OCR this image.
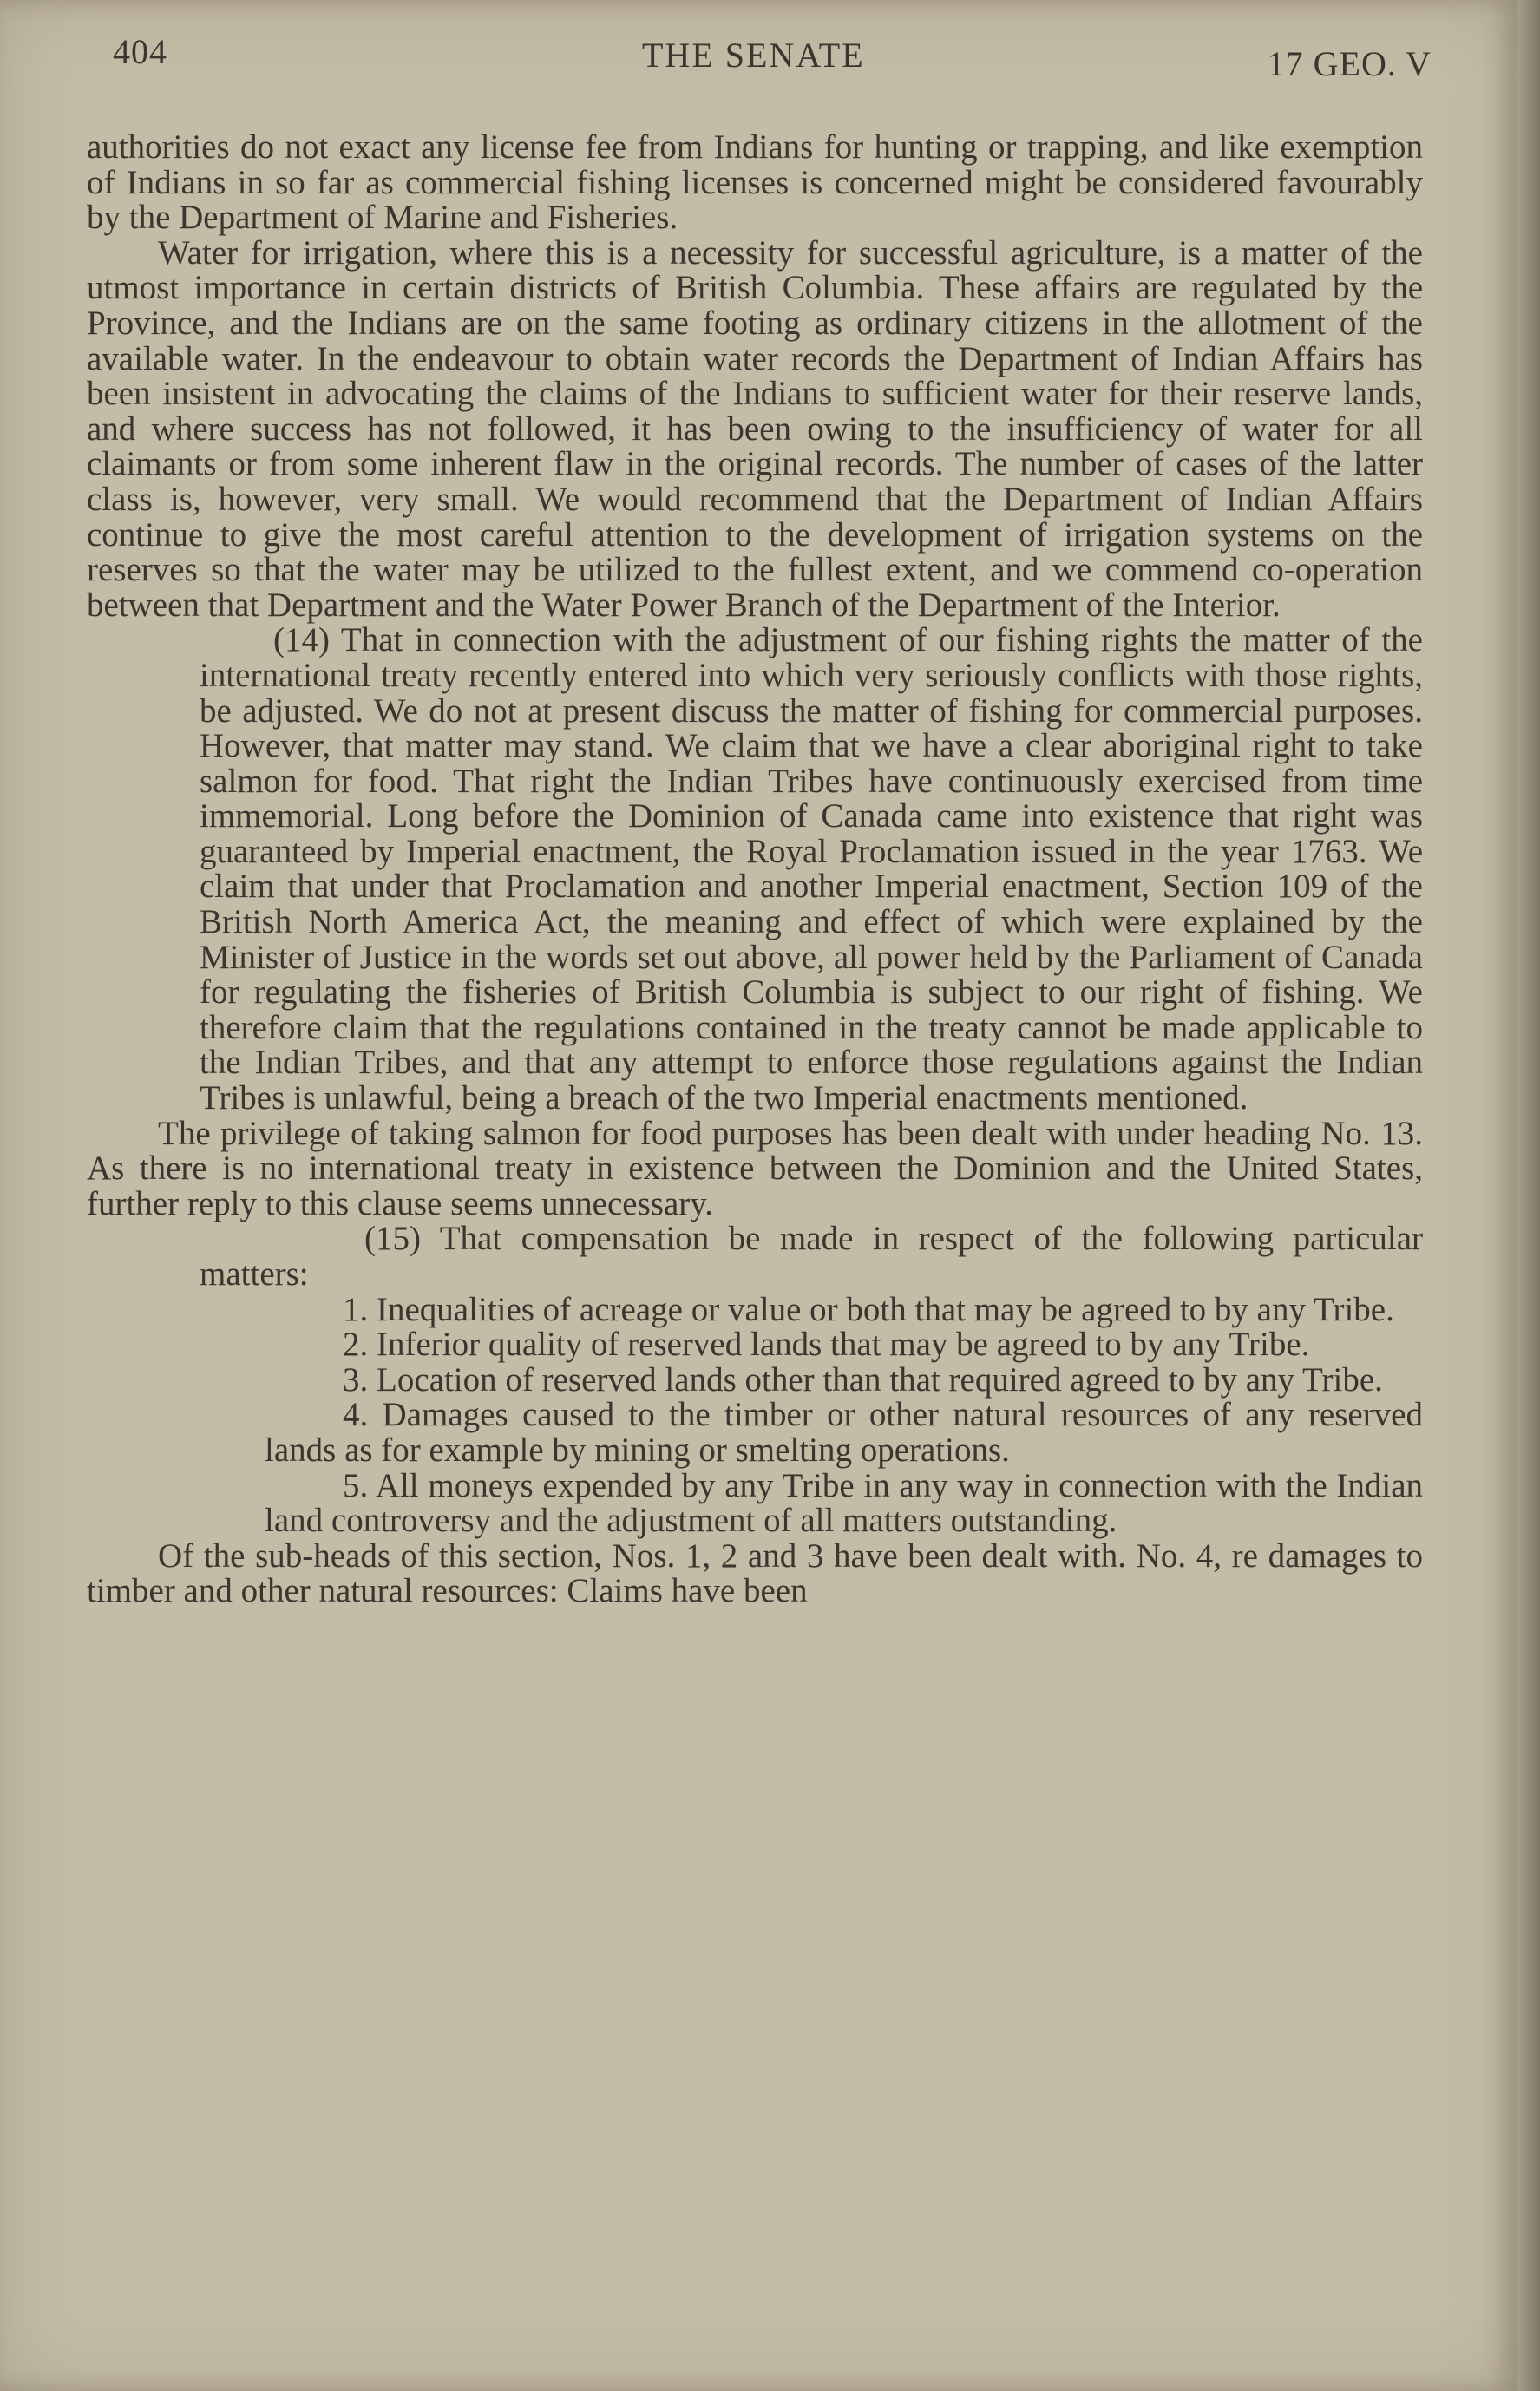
404	THE SENATE	17 GEO. V

authorities do not exact any license fee from Indians for hunting or trapping, and like exemption of Indians in so far as commercial fishing licenses is concerned might be considered favourably by the Department of Marine and Fisheries.

Water for irrigation, where this is a necessity for successful agriculture, is a matter of the utmost importance in certain districts of British Columbia. These affairs are regulated by the Province, and the Indians are on the same footing as ordinary citizens in the allotment of the available water. In the endeavour to obtain water records the Department of Indian Affairs has been insistent in advocating the claims of the Indians to sufficient water for their reserve lands, and where success has not followed, it has been owing to the insufficiency of water for all claimants or from some inherent flaw in the original records. The number of cases of the latter class is, however, very small. We would recommend that the Department of Indian Affairs continue to give the most careful attention to the development of irrigation systems on the reserves so that the water may be utilized to the fullest extent, and we commend co-operation between that Department and the Water Power Branch of the Department of the Interior.

(14) That in connection with the adjustment of our fishing rights the matter of the international treaty recently entered into which very seriously conflicts with those rights, be adjusted. We do not at present discuss the matter of fishing for commercial purposes. However, that matter may stand. We claim that we have a clear aboriginal right to take salmon for food. That right the Indian Tribes have continuously exercised from time immemorial. Long before the Dominion of Canada came into existence that right was guaranteed by Imperial enactment, the Royal Proclamation issued in the year 1763. We claim that under that Proclamation and another Imperial enactment, Section 109 of the British North America Act, the meaning and effect of which were explained by the Minister of Justice in the words set out above, all power held by the Parliament of Canada for regulating the fisheries of British Columbia is subject to our right of fishing. We therefore claim that the regulations contained in the treaty cannot be made applicable to the Indian Tribes, and that any attempt to enforce those regulations against the Indian Tribes is unlawful, being a breach of the two Imperial enactments mentioned.

The privilege of taking salmon for food purposes has been dealt with under heading No. 13. As there is no international treaty in existence between the Dominion and the United States, further reply to this clause seems unnecessary.

(15) That compensation be made in respect of the following particular matters:

1. Inequalities of acreage or value or both that may be agreed to by any Tribe.

2. Inferior quality of reserved lands that may be agreed to by any Tribe.

3. Location of reserved lands other than that required agreed to by any Tribe.

4. Damages caused to the timber or other natural resources of any reserved lands as for example by mining or smelting operations.

5. All moneys expended by any Tribe in any way in connection with the Indian land controversy and the adjustment of all matters outstanding.

Of the sub-heads of this section, Nos. 1, 2 and 3 have been dealt with. No. 4, re damages to timber and other natural resources: Claims have been
